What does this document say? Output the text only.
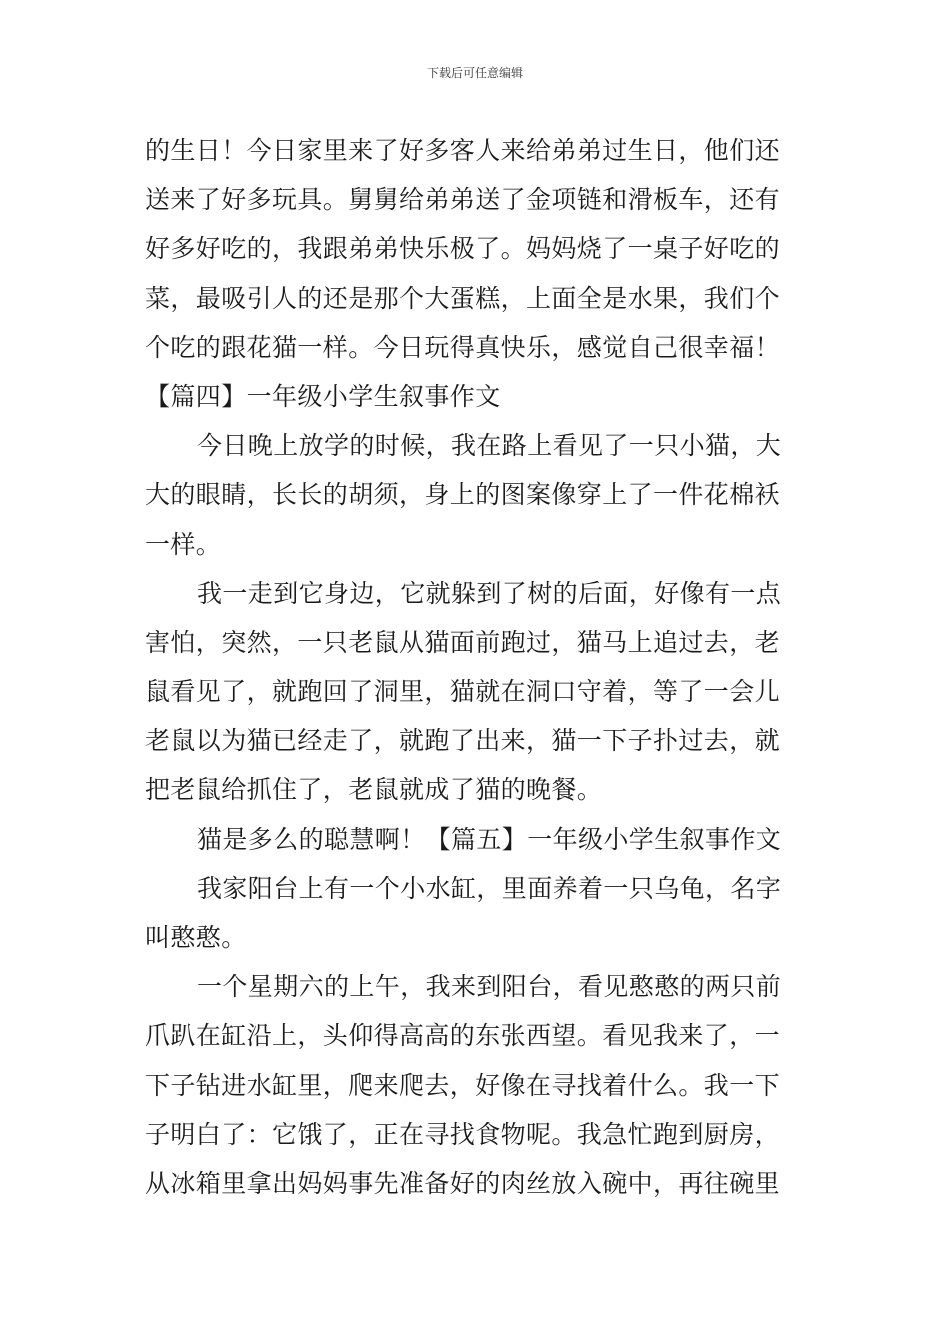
下载后可任意编辑
的生日！今日家里来了好多客人来给弟弟过生日，他们还
送来了好多玩具。舅舅给弟弟送了金项链和滑板车，还有
好多好吃的，我跟弟弟快乐极了。妈妈烧了一桌子好吃的
菜，最吸引人的还是那个大蛋糕，上面全是水果，我们个
个吃的跟花猫一样。今日玩得真快乐，感觉自己很幸福！
【篇四】一年级小学生叙事作文
今日晚上放学的时候，我在路上看见了一只小猫，大
大的眼睛，长长的胡须，身上的图案像穿上了一件花棉袄
一样。
我一走到它身边，它就躲到了树的后面，好像有一点
害怕，突然，一只老鼠从猫面前跑过，猫马上追过去，老
鼠看见了，就跑回了洞里，猫就在洞口守着，等了一会儿
老鼠以为猫已经走了，就跑了出来，猫一下子扑过去，就
把老鼠给抓住了，老鼠就成了猫的晚餐。
猫是多么的聪慧啊！【篇五】一年级小学生叙事作文
我家阳台上有一个小水缸，里面养着一只乌龟，名字
叫憨憨。
一个星期六的上午，我来到阳台，看见憨憨的两只前
爪趴在缸沿上，头仰得高高的东张西望。看见我来了，一
下子钻进水缸里，爬来爬去，好像在寻找着什么。我一下
子明白了：它饿了，正在寻找食物呢。我急忙跑到厨房，
从冰箱里拿出妈妈事先准备好的肉丝放入碗中，再往碗里
